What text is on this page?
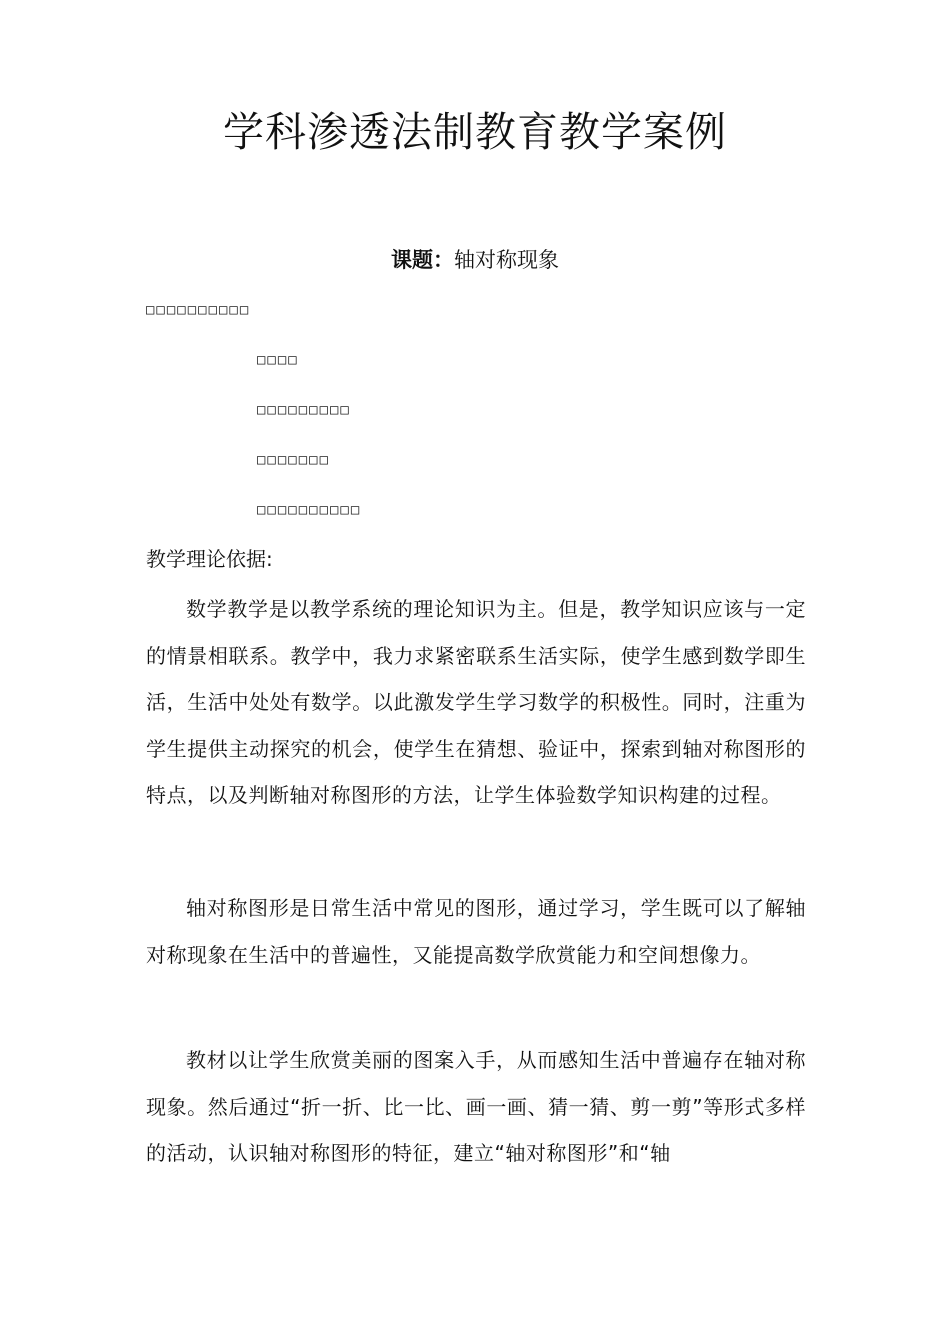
学科渗透法制教育教学案例
课题：轴对称现象
□□□□□□□□□□
□□□□
□□□□□□□□□
□□□□□□□
□□□□□□□□□□
教学理论依据:

数学教学是以教学系统的理论知识为主。但是，教学知识应该与一定的情景相联系。教学中，我力求紧密联系生活实际，使学生感到数学即生活，生活中处处有数学。以此激发学生学习数学的积极性。同时，注重为学生提供主动探究的机会，使学生在猜想、验证中，探索到轴对称图形的特点，以及判断轴对称图形的方法，让学生体验数学知识构建的过程。

轴对称图形是日常生活中常见的图形，通过学习，学生既可以了解轴对称现象在生活中的普遍性，又能提高数学欣赏能力和空间想像力。

教材以让学生欣赏美丽的图案入手，从而感知生活中普遍存在轴对称现象。然后通过“折一折、比一比、画一画、猜一猜、剪一剪”等形式多样的活动，认识轴对称图形的特征，建立“轴对称图形”和“轴
